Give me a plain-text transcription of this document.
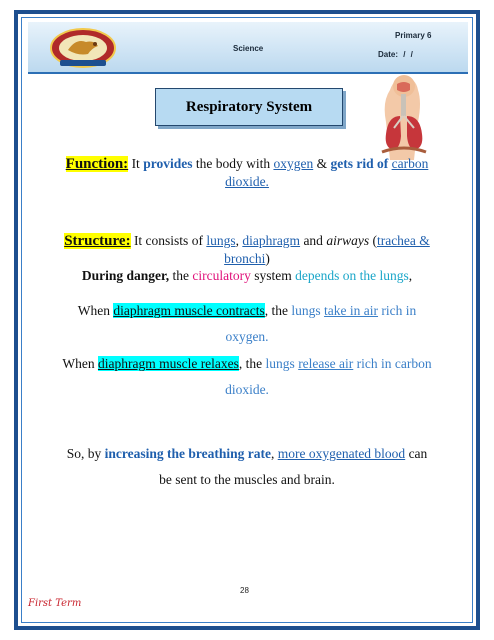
Science
Primary 6
Date: / /
Respiratory System
Function: It provides the body with oxygen & gets rid of carbon
dioxide.
Structure: It consists of lungs, diaphragm and airways (trachea &
bronchi)
During danger, the circulatory system depends on the lungs,
When diaphragm muscle contracts, the lungs take in air rich in
oxygen.
When diaphragm muscle relaxes, the lungs release air rich in carbon
dioxide.
So, by increasing the breathing rate, more oxygenated blood can
be sent to the muscles and brain.
28
First Term
